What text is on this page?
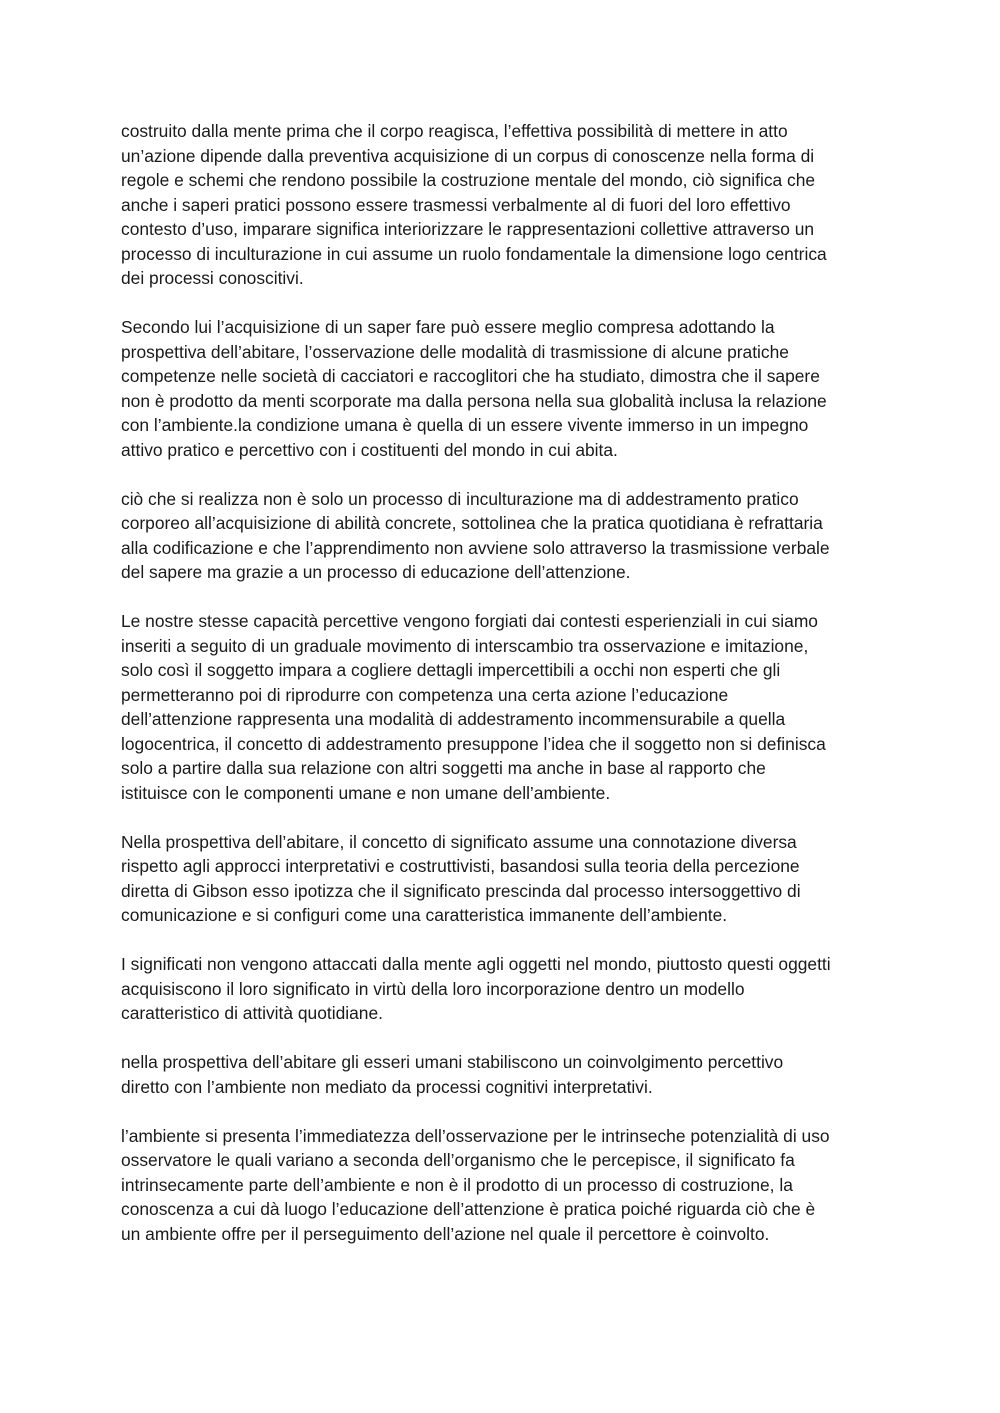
costruito dalla mente prima che il corpo reagisca, l’effettiva possibilità di mettere in atto
un’azione dipende dalla preventiva acquisizione di un corpus di conoscenze nella forma di
regole e schemi che rendono possibile la costruzione mentale del mondo, ciò significa che
anche i saperi pratici possono essere trasmessi verbalmente al di fuori del loro effettivo
contesto d’uso, imparare significa interiorizzare le rappresentazioni collettive attraverso un
processo di inculturazione in cui assume un ruolo fondamentale la dimensione logo centrica
dei processi conoscitivi.
Secondo lui l’acquisizione di un saper fare può essere meglio compresa adottando la
prospettiva dell’abitare, l’osservazione delle modalità di trasmissione di alcune pratiche
competenze nelle società di cacciatori e raccoglitori che ha studiato, dimostra che il sapere
non è prodotto da menti scorporate ma dalla persona nella sua globalità inclusa la relazione
con l’ambiente.la condizione umana è quella di un essere vivente immerso in un impegno
attivo pratico e percettivo con i costituenti del mondo in cui abita.
ciò che si realizza non è solo un processo di inculturazione ma di addestramento pratico
corporeo all’acquisizione di abilità concrete, sottolinea che la pratica quotidiana è refrattaria
alla codificazione e che l’apprendimento non avviene solo attraverso la trasmissione verbale
del sapere ma grazie a un processo di educazione dell’attenzione.
Le nostre stesse capacità percettive vengono forgiati dai contesti esperienziali in cui siamo
inseriti a seguito di un graduale movimento di interscambio tra osservazione e imitazione,
solo così il soggetto impara a cogliere dettagli impercettibili a occhi non esperti che gli
permetteranno poi di riprodurre con competenza una certa azione l’educazione
dell’attenzione rappresenta una modalità di addestramento incommensurabile a quella
logocentrica, il concetto di addestramento presuppone l’idea che il soggetto non si definisca
solo a partire dalla sua relazione con altri soggetti ma anche in base al rapporto che
istituisce con le componenti umane e non umane dell’ambiente.
Nella prospettiva dell’abitare, il concetto di significato assume una connotazione diversa
rispetto agli approcci interpretativi e costruttivisti, basandosi sulla teoria della percezione
diretta di Gibson esso ipotizza che il significato prescinda dal processo intersoggettivo di
comunicazione e si configuri come una caratteristica immanente dell’ambiente.
I significati non vengono attaccati dalla mente agli oggetti nel mondo, piuttosto questi oggetti
acquisiscono il loro significato in virtù della loro incorporazione dentro un modello
caratteristico di attività quotidiane.
nella prospettiva dell’abitare gli esseri umani stabiliscono un coinvolgimento percettivo
diretto con l’ambiente non mediato da processi cognitivi interpretativi.
l’ambiente si presenta l’immediatezza dell’osservazione per le intrinseche potenzialità di uso
osservatore le quali variano a seconda dell’organismo che le percepisce, il significato fa
intrinsecamente parte dell’ambiente e non è il prodotto di un processo di costruzione, la
conoscenza a cui dà luogo l’educazione dell’attenzione è pratica poiché riguarda ciò che è
un ambiente offre per il perseguimento dell’azione nel quale il percettore è coinvolto.
